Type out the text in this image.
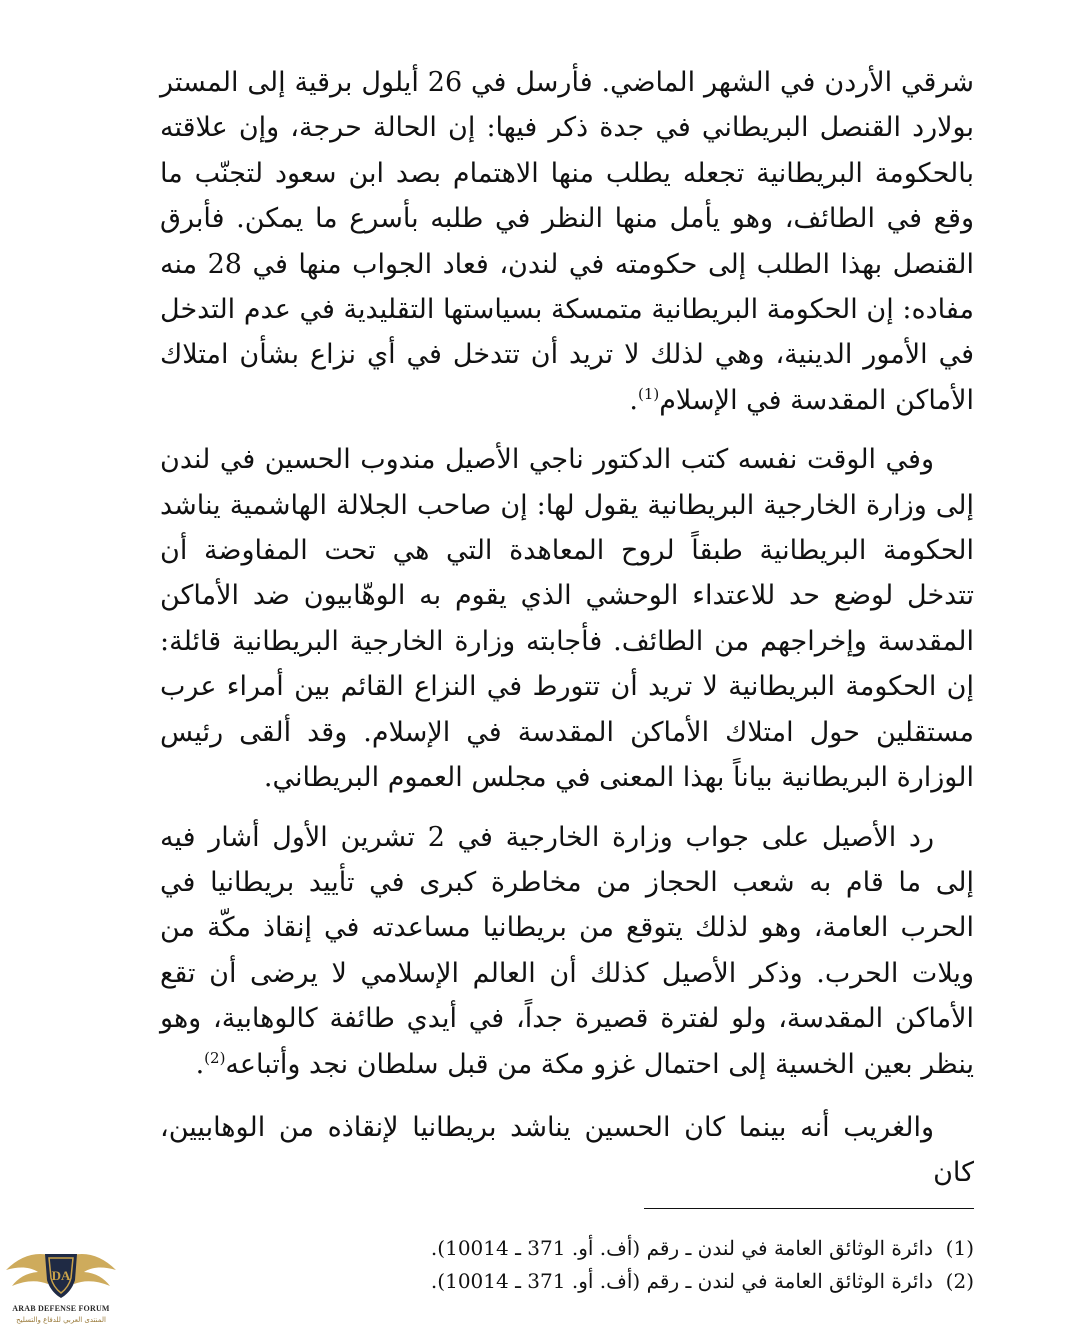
شرقي الأردن في الشهر الماضي. فأرسل في 26 أيلول برقية إلى المستر بولارد القنصل البريطاني في جدة ذكر فيها: إن الحالة حرجة، وإن علاقته بالحكومة البريطانية تجعله يطلب منها الاهتمام بصد ابن سعود لتجنّب ما وقع في الطائف، وهو يأمل منها النظر في طلبه بأسرع ما يمكن. فأبرق القنصل بهذا الطلب إلى حكومته في لندن، فعاد الجواب منها في 28 منه مفاده: إن الحكومة البريطانية متمسكة بسياستها التقليدية في عدم التدخل في الأمور الدينية، وهي لذلك لا تريد أن تتدخل في أي نزاع بشأن امتلاك الأماكن المقدسة في الإسلام$^{(1)}$.

وفي الوقت نفسه كتب الدكتور ناجي الأصيل مندوب الحسين في لندن إلى وزارة الخارجية البريطانية يقول لها: إن صاحب الجلالة الهاشمية يناشد الحكومة البريطانية طبقاً لروح المعاهدة التي هي تحت المفاوضة أن تتدخل لوضع حد للاعتداء الوحشي الذي يقوم به الوهّابيون ضد الأماكن المقدسة وإخراجهم من الطائف. فأجابته وزارة الخارجية البريطانية قائلة: إن الحكومة البريطانية لا تريد أن تتورط في النزاع القائم بين أمراء عرب مستقلين حول امتلاك الأماكن المقدسة في الإسلام. وقد ألقى رئيس الوزارة البريطانية بياناً بهذا المعنى في مجلس العموم البريطاني.

رد الأصيل على جواب وزارة الخارجية في 2 تشرين الأول أشار فيه إلى ما قام به شعب الحجاز من مخاطرة كبرى في تأييد بريطانيا في الحرب العامة، وهو لذلك يتوقع من بريطانيا مساعدته في إنقاذ مكّة من ويلات الحرب. وذكر الأصيل كذلك أن العالم الإسلامي لا يرضى أن تقع الأماكن المقدسة، ولو لفترة قصيرة جداً، في أيدي طائفة كالوهابية، وهو ينظر بعين الخسية إلى احتمال غزو مكة من قبل سلطان نجد وأتباعه$^{(2)}$.

والغريب أنه بينما كان الحسين يناشد بريطانيا لإنقاذه من الوهابيين، كان

(1)  دائرة الوثائق العامة في لندن ـ رقم (أف. أو. 371 ـ 10014).

(2)  دائرة الوثائق العامة في لندن ـ رقم (أف. أو. 371 ـ 10014).

DA
ARAB DEFENSE FORUM
المنتدى العربي للدفاع والتسليح
